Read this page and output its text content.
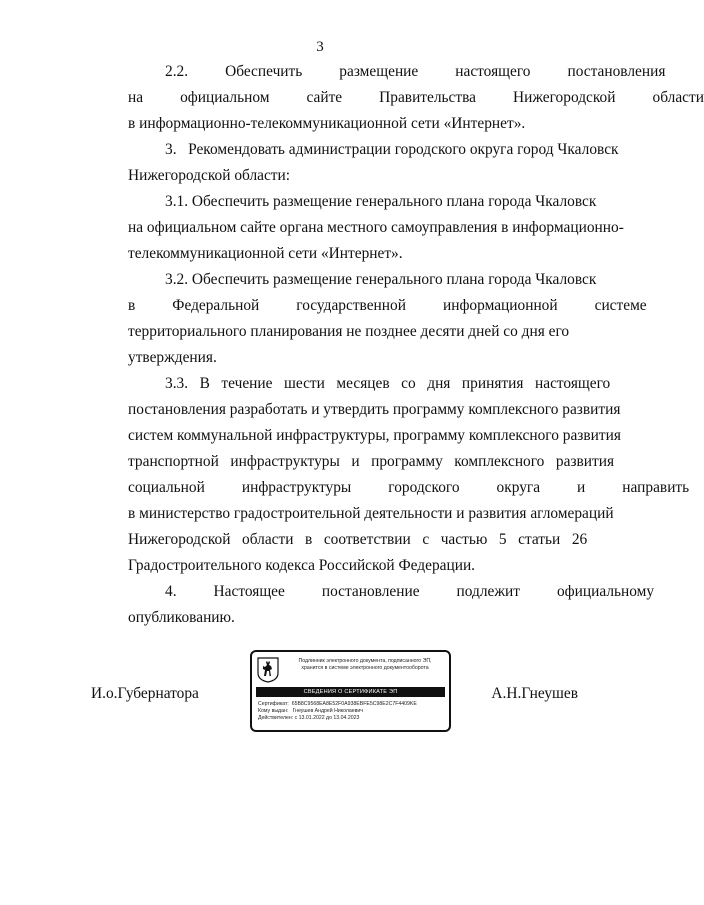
3
2.2.	Обеспечить	размещение	настоящего	постановления
на	официальном	сайте	Правительства	Нижегородской	области
в информационно-телекоммуникационной сети «Интернет».
3.   Рекомендовать администрации городского округа город Чкаловск
Нижегородской области:
3.1. Обеспечить размещение генерального плана города Чкаловск
на официальном сайте органа местного самоуправления в информационно-
телекоммуникационной сети «Интернет».
3.2. Обеспечить размещение генерального плана города Чкаловск
в	Федеральной	государственной	информационной	системе
территориального планирования не позднее десяти дней со дня его
утверждения.
3.3.   В   течение   шести   месяцев   со   дня   принятия   настоящего
постановления разработать и утвердить программу комплексного развития
систем коммунальной инфраструктуры, программу комплексного развития
транспортной   инфраструктуры   и   программу   комплексного   развития
социальной	инфраструктуры	городского	округа	и	направить
в министерство градостроительной деятельности и развития агломераций
Нижегородской   области   в   соответствии   с   частью   5   статьи   26
Градостроительного кодекса Российской Федерации.
4.	Настоящее	постановление	подлежит	официальному
опубликованию.
И.о.Губернатора	А.Н.Гнеушев
Подлинник электронного документа, подписанного ЭП,
хранится в системе электронного документооборота
СВЕДЕНИЯ О СЕРТИФИКАТЕ ЭП
Сертификат:  65B8C9568EA8E52F0A938EBFE5C98E2C7F4409KE
Кому выдан:   Гнеушев Андрей Николаевич
Действителен: с 13.01.2022 до 13.04.2023
